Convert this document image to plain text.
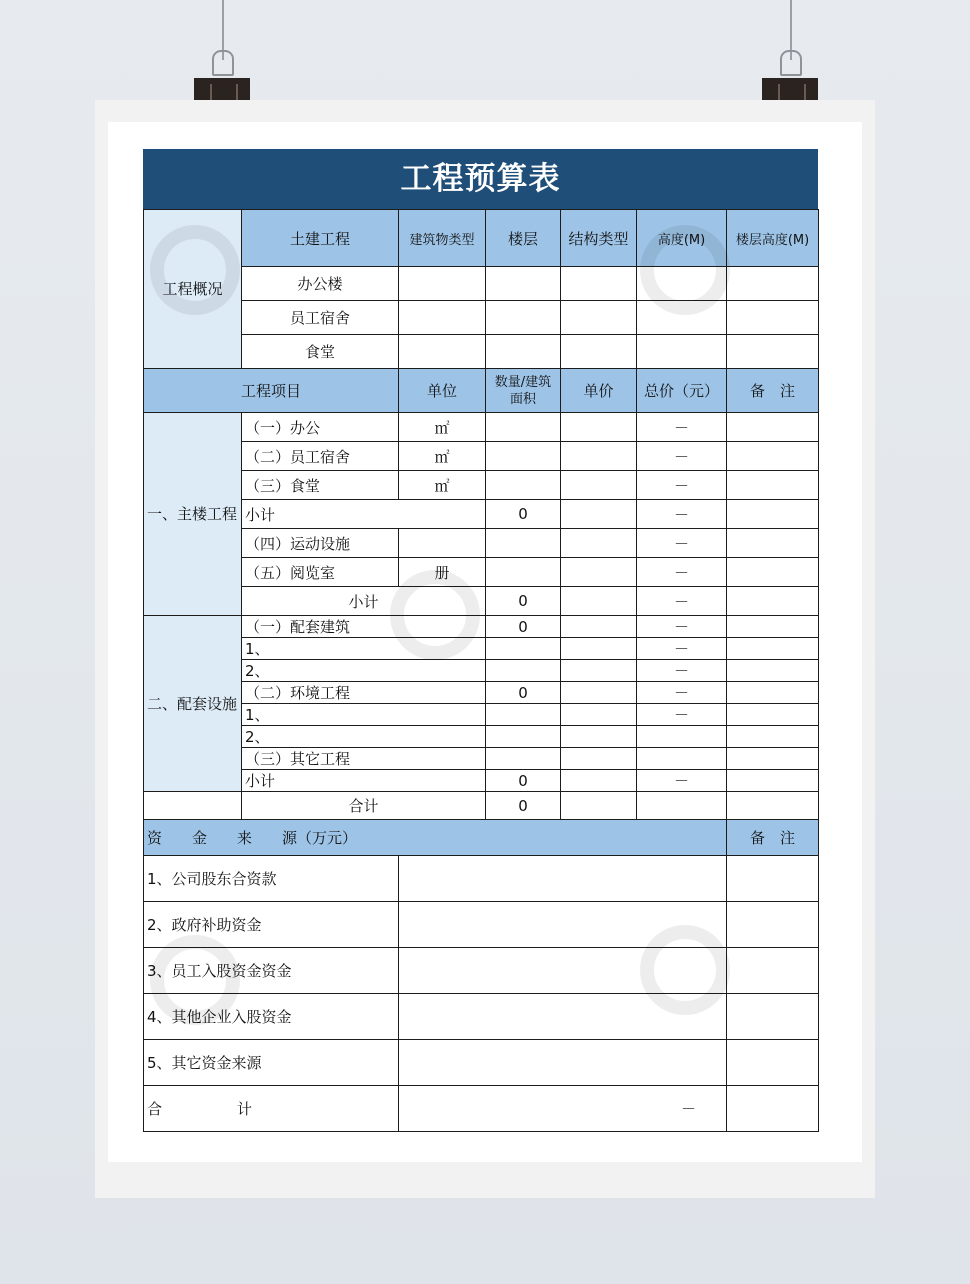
工程预算表
工程概况	土建工程	建筑物类型	楼层	结构类型	高度(M)	楼层高度(M)
	办公楼					
	员工宿舍					
	食堂					
工程项目		单位	数量/建筑面积	单价	总价（元）	备　注
一、主楼工程	（一）办公	㎡			－	
	（二）员工宿舍	㎡			－	
	（三）食堂	㎡			－	
	小计		0		－	
	（四）运动设施				－	
	（五）阅览室	册			－	
	小计		0		－	
二、配套设施	（一）配套建筑		0		－	
	1、				－	
	2、				－	
	（二）环境工程		0		－	
	1、				－	
	2、					
	（三）其它工程					
	小计		0		－	
	合计		0			
资　　金　　来　　源（万元）						备　注
1、公司股东合资款						
2、政府补助资金						
3、员工入股资金资金						
4、其他企业入股资金						
5、其它资金来源						
合　　　　　计		－				
